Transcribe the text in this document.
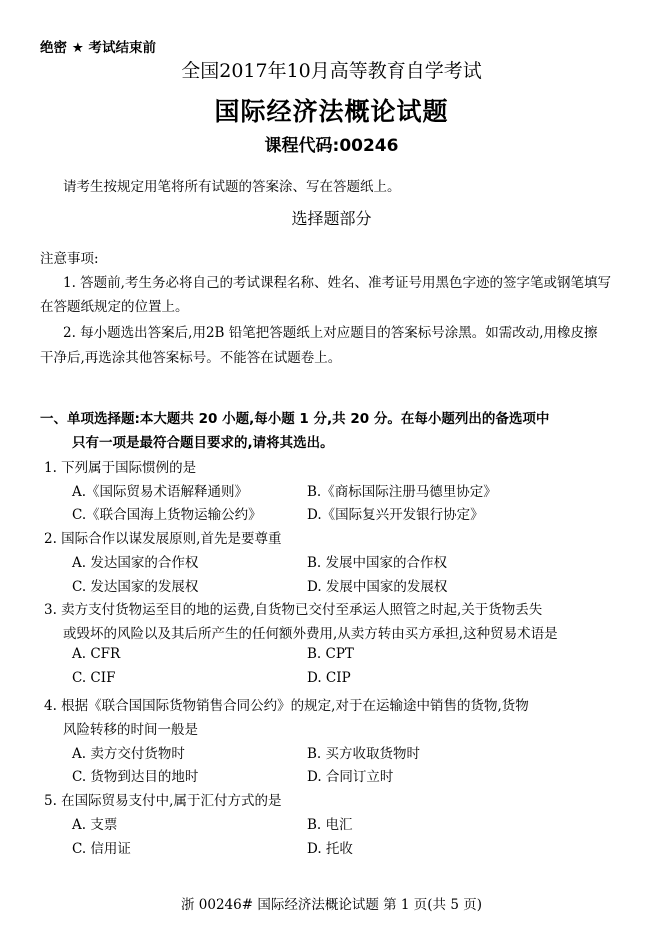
绝密 ★ 考试结束前
全国2017年10月高等教育自学考试
国际经济法概论试题
课程代码:00246
请考生按规定用笔将所有试题的答案涂、写在答题纸上。
选择题部分
注意事项:
1. 答题前,考生务必将自己的考试课程名称、姓名、准考证号用黑色字迹的签字笔或钢笔填写
在答题纸规定的位置上。
2. 每小题选出答案后,用2B 铅笔把答题纸上对应题目的答案标号涂黑。如需改动,用橡皮擦
干净后,再选涂其他答案标号。不能答在试题卷上。
一、单项选择题:本大题共 20 小题,每小题 1 分,共 20 分。在每小题列出的备选项中
只有一项是最符合题目要求的,请将其选出。
1. 下列属于国际惯例的是
A.《国际贸易术语解释通则》	B.《商标国际注册马德里协定》
C.《联合国海上货物运输公约》	D.《国际复兴开发银行协定》
2. 国际合作以谋发展原则,首先是要尊重
A. 发达国家的合作权	B. 发展中国家的合作权
C. 发达国家的发展权	D. 发展中国家的发展权
3. 卖方支付货物运至目的地的运费,自货物已交付至承运人照管之时起,关于货物丢失
或毁坏的风险以及其后所产生的任何额外费用,从卖方转由买方承担,这种贸易术语是
A. CFR	B. CPT
C. CIF	D. CIP
4. 根据《联合国国际货物销售合同公约》的规定,对于在运输途中销售的货物,货物
风险转移的时间一般是
A. 卖方交付货物时	B. 买方收取货物时
C. 货物到达目的地时	D. 合同订立时
5. 在国际贸易支付中,属于汇付方式的是
A. 支票	B. 电汇
C. 信用证	D. 托收
浙 00246# 国际经济法概论试题 第 1 页(共 5 页)
